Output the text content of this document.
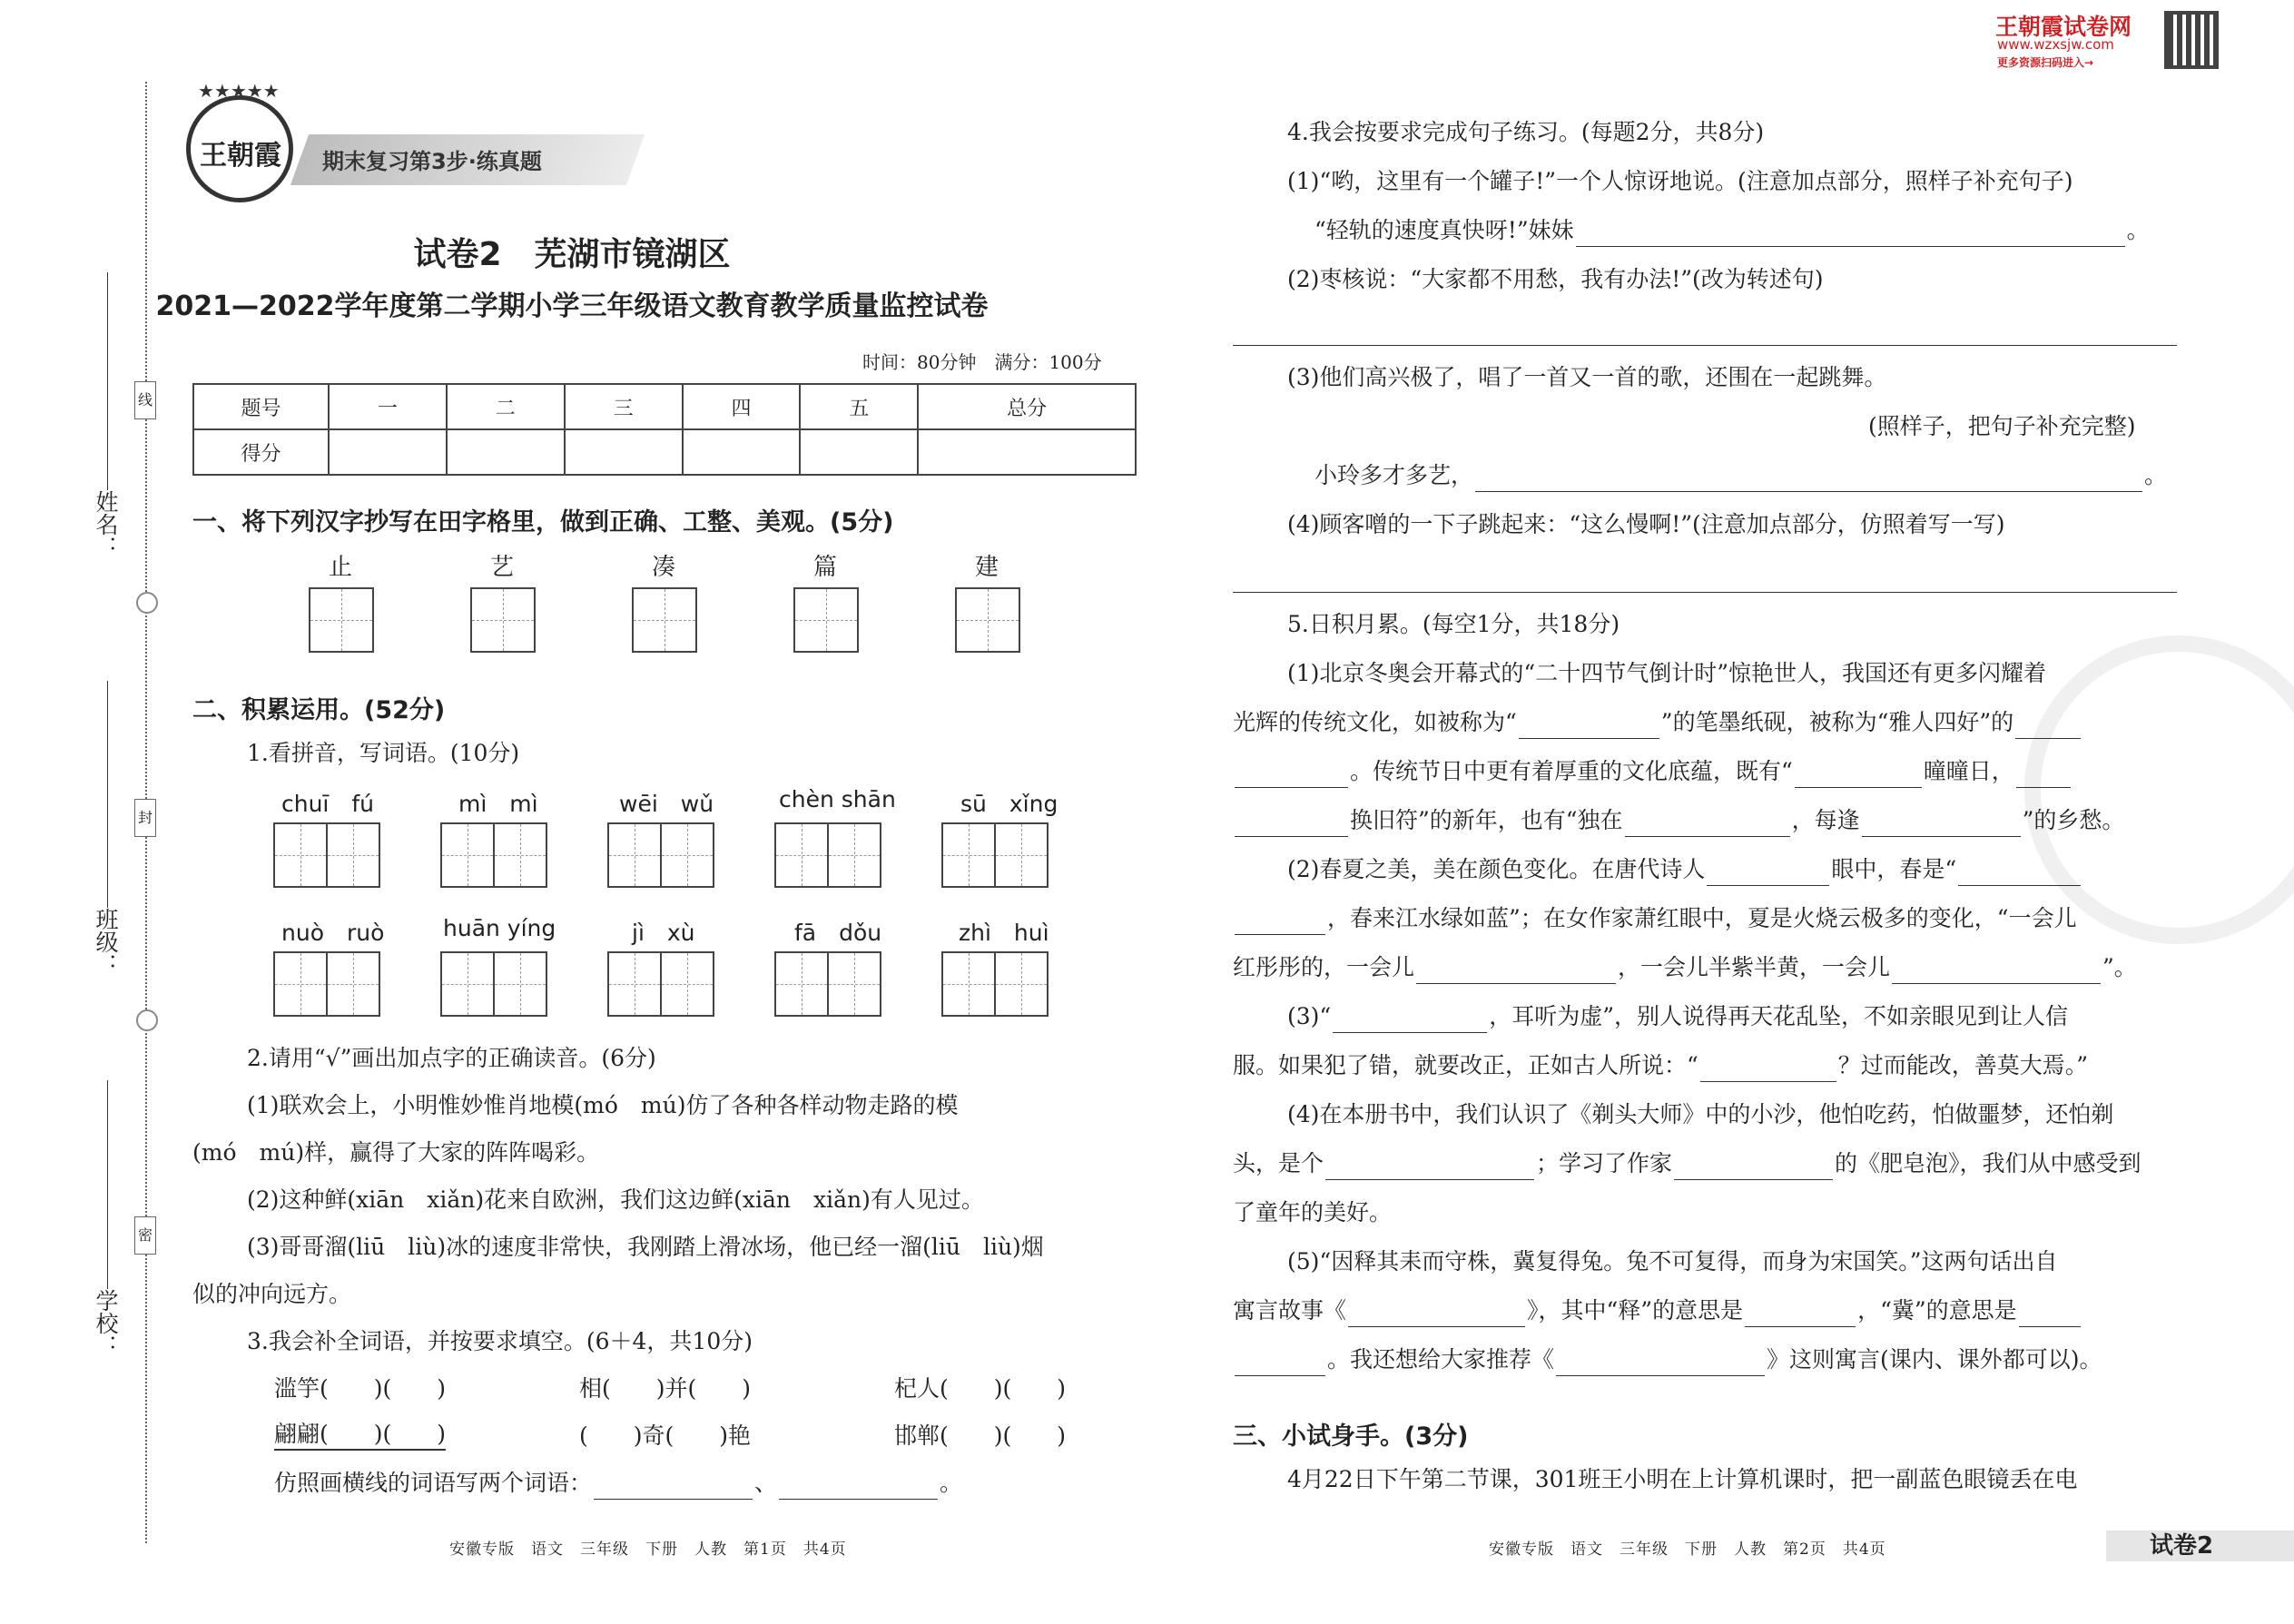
线
封
密
姓名：
班级：
学校：
★★★★★
王朝霞 期末复习第3步·练真题
试卷2　芜湖市镜湖区
2021—2022学年度第二学期小学三年级语文教育教学质量监控试卷
时间：80分钟　满分：100分
题号	一	二	三	四	五	总分
得分						
一、将下列汉字抄写在田字格里，做到正确、工整、美观。(5分)
止	艺	凑	篇	建
二、积累运用。(52分)
1.看拼音，写词语。(10分)
chuī　fú	mì　mì	wēi　wǔ	chèn shān	sū　xǐng
nuò　ruò	huān yíng	jì　xù	fā　dǒu	zhì　huì
2.请用“√”画出加点字的正确读音。(6分)
(1)联欢会上，小明惟妙惟肖地模(mó　mú)仿了各种各样动物走路的模
(mó　mú)样，赢得了大家的阵阵喝彩。
(2)这种鲜(xiān　xiǎn)花来自欧洲，我们这边鲜(xiān　xiǎn)有人见过。
(3)哥哥溜(liū　liù)冰的速度非常快，我刚踏上滑冰场，他已经一溜(liū　liù)烟
似的冲向远方。
3.我会补全词语，并按要求填空。(6＋4，共10分)
滥竽(　　)(　　)	相(　　)并(　　)	杞人(　　)(　　)
翩翩(　　)(　　)	(　　)奇(　　)艳	邯郸(　　)(　　)
仿照画横线的词语写两个词语：	、	。
安徽专版　语文　三年级　下册　人教　第1页　共4页
王朝霞试卷网
www.wzxsjw.com
更多资源扫码进入→
4.我会按要求完成句子练习。(每题2分，共8分)
(1)“哟，这里有一个罐子!”一个人惊讶地说。(注意加点部分，照样子补充句子)
“轻轨的速度真快呀!”妹妹	。
(2)枣核说：“大家都不用愁，我有办法!”(改为转述句)
(3)他们高兴极了，唱了一首又一首的歌，还围在一起跳舞。
(照样子，把句子补充完整)
小玲多才多艺，	。
(4)顾客噌的一下子跳起来：“这么慢啊!”(注意加点部分，仿照着写一写)
5.日积月累。(每空1分，共18分)
(1)北京冬奥会开幕式的“二十四节气倒计时”惊艳世人，我国还有更多闪耀着
光辉的传统文化，如被称为“	”的笔墨纸砚，被称为“雅人四好”的
。传统节日中更有着厚重的文化底蕴，既有“	曈曈日，
换旧符”的新年，也有“独在	，每逢	”的乡愁。
(2)春夏之美，美在颜色变化。在唐代诗人	眼中，春是“
，春来江水绿如蓝”；在女作家萧红眼中，夏是火烧云极多的变化，“一会儿
红彤彤的，一会儿	，一会儿半紫半黄，一会儿	”。
(3)“	，耳听为虚”，别人说得再天花乱坠，不如亲眼见到让人信
服。如果犯了错，就要改正，正如古人所说：“	？过而能改，善莫大焉。”
(4)在本册书中，我们认识了《剃头大师》中的小沙，他怕吃药，怕做噩梦，还怕剃
头，是个	；学习了作家	的《肥皂泡》，我们从中感受到
了童年的美好。
(5)“因释其耒而守株，冀复得兔。兔不可复得，而身为宋国笑。”这两句话出自
寓言故事《	》，其中“释”的意思是	，“冀”的意思是
。我还想给大家推荐《	》这则寓言(课内、课外都可以)。
三、小试身手。(3分)
4月22日下午第二节课，301班王小明在上计算机课时，把一副蓝色眼镜丢在电
安徽专版　语文　三年级　下册　人教　第2页　共4页	试卷2
